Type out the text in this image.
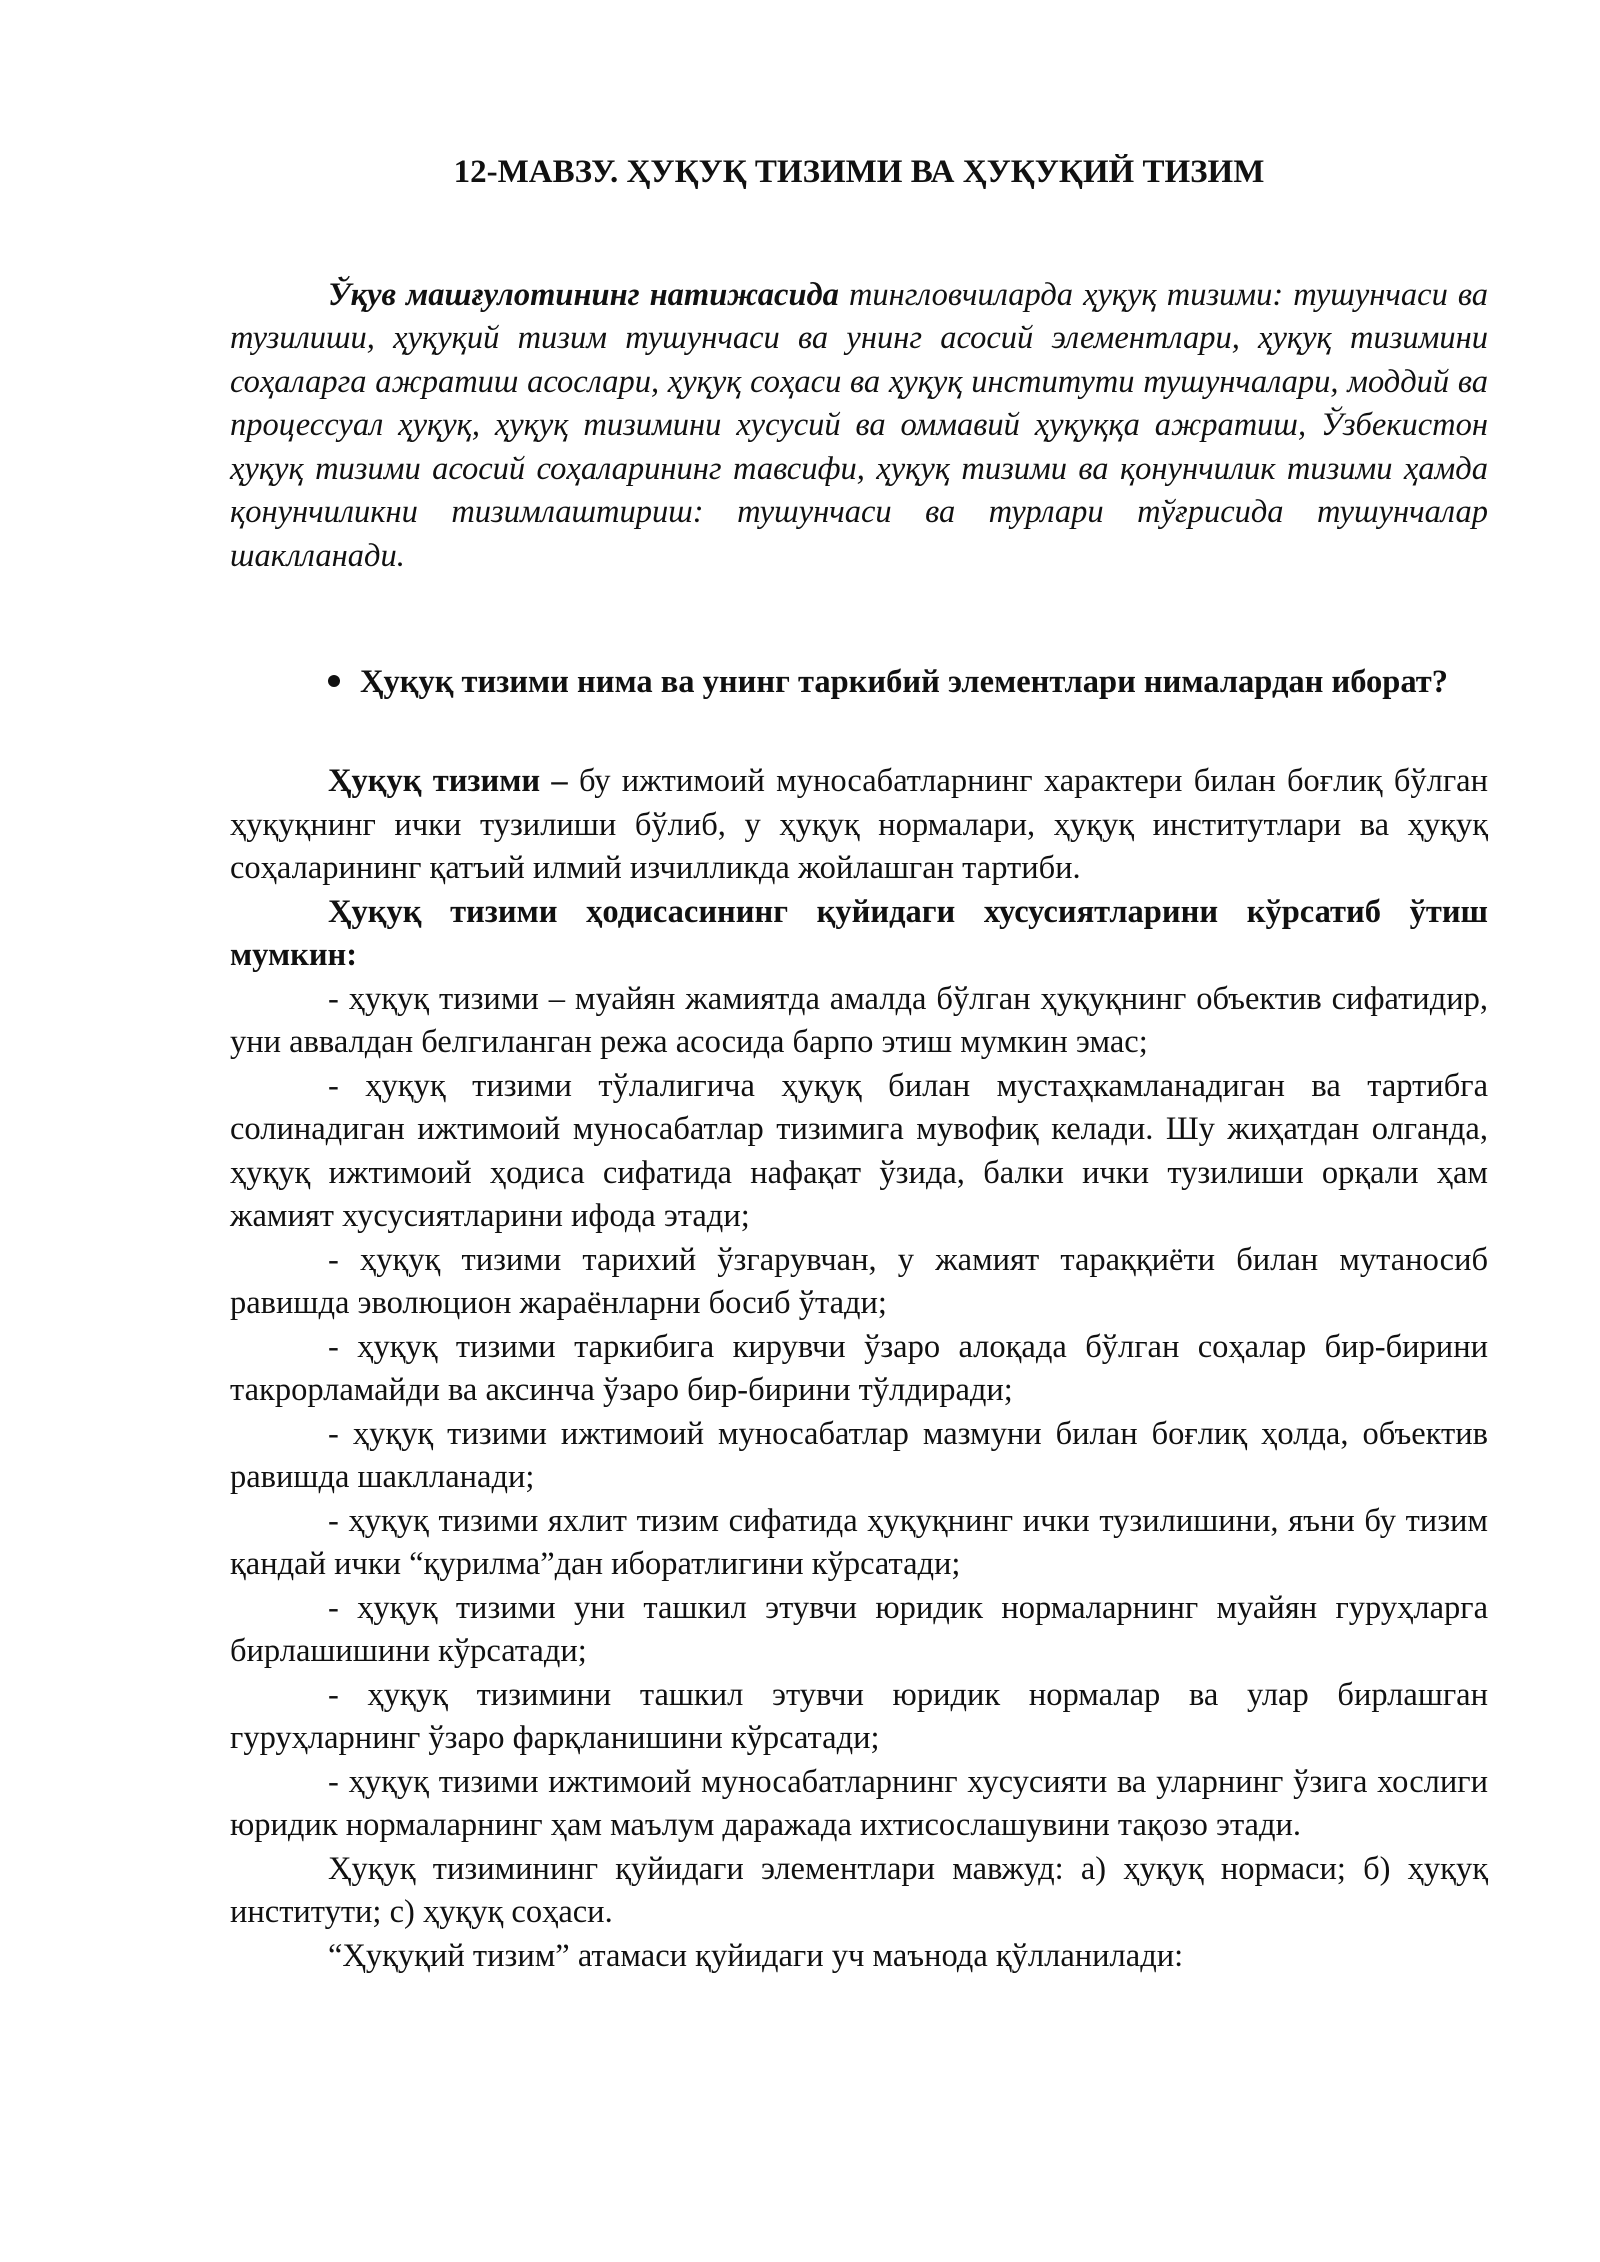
12-МАВЗУ. ҲУҚУҚ ТИЗИМИ ВА ҲУҚУҚИЙ ТИЗИМ

Ўқув машғулотининг натижасида тингловчиларда ҳуқуқ тизими: тушунчаси ва тузилиши, ҳуқуқий тизим тушунчаси ва унинг асосий элементлари, ҳуқуқ тизимини соҳаларга ажратиш асослари, ҳуқуқ соҳаси ва ҳуқуқ институти тушунчалари, моддий ва процессуал ҳуқуқ, ҳуқуқ тизимини хусусий ва оммавий ҳуқуққа ажратиш, Ўзбекистон ҳуқуқ тизими асосий соҳаларининг тавсифи, ҳуқуқ тизими ва қонунчилик тизими ҳамда қонунчиликни тизимлаштириш: тушунчаси ва турлари тўғрисида тушунчалар шаклланади.

Ҳуқуқ тизими нима ва унинг таркибий элементлари нималардан иборат?

Ҳуқуқ тизими – бу ижтимоий муносабатларнинг характери билан боғлиқ бўлган ҳуқуқнинг ички тузилиши бўлиб, у ҳуқуқ нормалари, ҳуқуқ институтлари ва ҳуқуқ соҳаларининг қатъий илмий изчилликда жойлашган тартиби.

Ҳуқуқ тизими ҳодисасининг қуйидаги хусусиятларини кўрсатиб ўтиш мумкин:

- ҳуқуқ тизими – муайян жамиятда амалда бўлган ҳуқуқнинг объектив сифатидир, уни аввалдан белгиланган режа асосида барпо этиш мумкин эмас;

- ҳуқуқ тизими тўлалигича ҳуқуқ билан мустаҳкамланадиган ва тартибга солинадиган ижтимоий муносабатлар тизимига мувофиқ келади. Шу жиҳатдан олганда, ҳуқуқ ижтимоий ҳодиса сифатида нафақат ўзида, балки ички тузилиши орқали ҳам жамият хусусиятларини ифода этади;

- ҳуқуқ тизими тарихий ўзгарувчан, у жамият тараққиёти билан мутаносиб равишда эволюцион жараёнларни босиб ўтади;

- ҳуқуқ тизими таркибига кирувчи ўзаро алоқада бўлган соҳалар бир-бирини такрорламайди ва аксинча ўзаро бир-бирини тўлдиради;

- ҳуқуқ тизими ижтимоий муносабатлар мазмуни билан боғлиқ ҳолда, объектив равишда шаклланади;

- ҳуқуқ тизими яхлит тизим сифатида ҳуқуқнинг ички тузилишини, яъни бу тизим қандай ички “қурилма”дан иборатлигини кўрсатади;

- ҳуқуқ тизими уни ташкил этувчи юридик нормаларнинг муайян гуруҳларга бирлашишини кўрсатади;

- ҳуқуқ тизимини ташкил этувчи юридик нормалар ва улар бирлашган гуруҳларнинг ўзаро фарқланишини кўрсатади;

- ҳуқуқ тизими ижтимоий муносабатларнинг хусусияти ва уларнинг ўзига хослиги юридик нормаларнинг ҳам маълум даражада ихтисослашувини тақозо этади.

Ҳуқуқ тизимининг қуйидаги элементлари мавжуд: а) ҳуқуқ нормаси; б) ҳуқуқ институти; с) ҳуқуқ соҳаси.

“Ҳуқуқий тизим” атамаси қуйидаги уч маънода қўлланилади:
